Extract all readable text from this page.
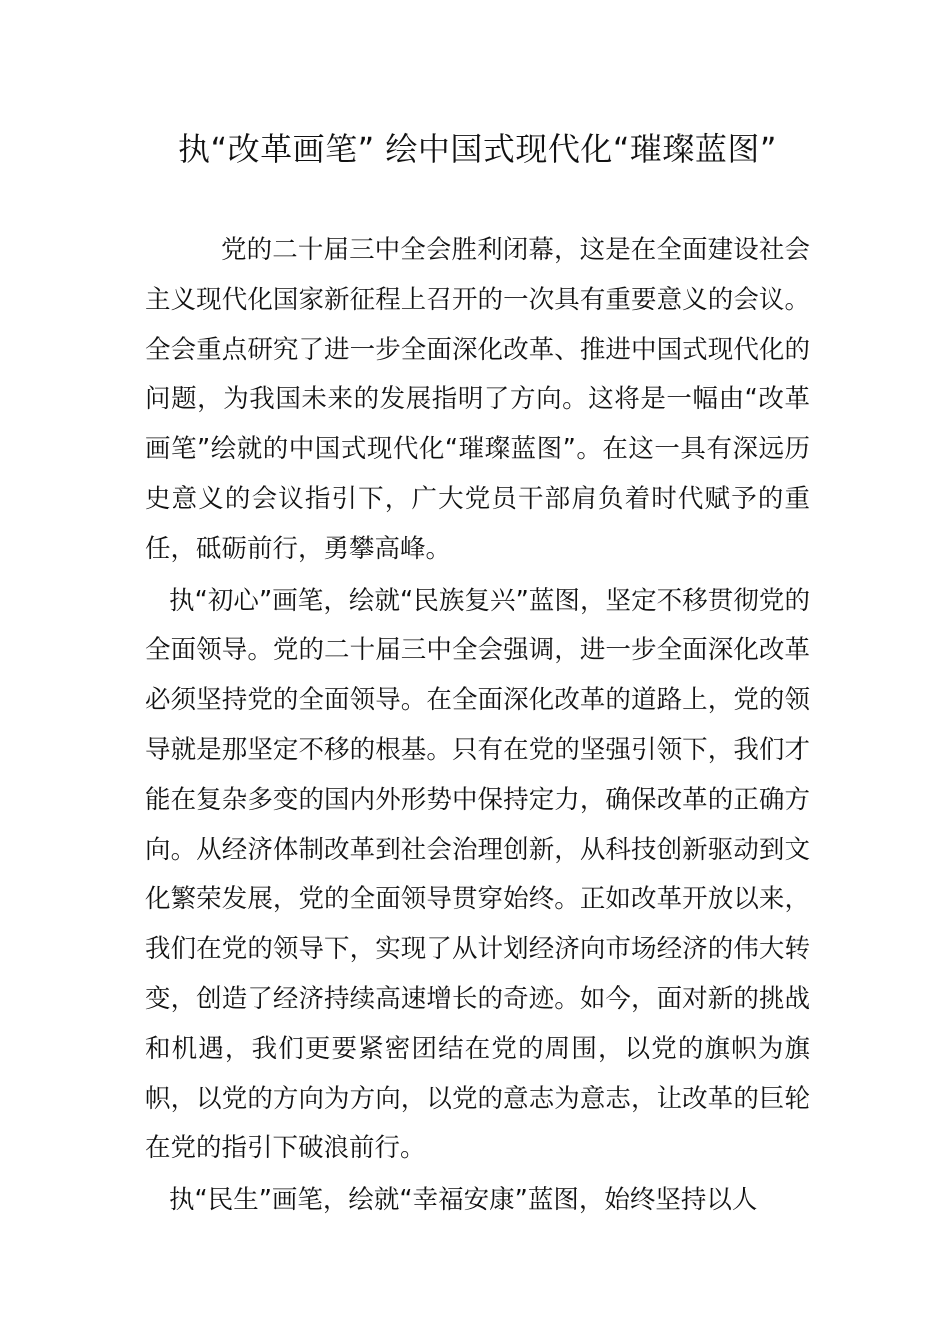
执“改革画笔” 绘中国式现代化“璀璨蓝图”

党的二十届三中全会胜利闭幕，这是在全面建设社会主义现代化国家新征程上召开的一次具有重要意义的会议。全会重点研究了进一步全面深化改革、推进中国式现代化的问题，为我国未来的发展指明了方向。这将是一幅由“改革画笔”绘就的中国式现代化“璀璨蓝图”。在这一具有深远历史意义的会议指引下，广大党员干部肩负着时代赋予的重任，砥砺前行，勇攀高峰。

执“初心”画笔，绘就“民族复兴”蓝图，坚定不移贯彻党的全面领导。党的二十届三中全会强调，进一步全面深化改革必须坚持党的全面领导。在全面深化改革的道路上，党的领导就是那坚定不移的根基。只有在党的坚强引领下，我们才能在复杂多变的国内外形势中保持定力，确保改革的正确方向。从经济体制改革到社会治理创新，从科技创新驱动到文化繁荣发展，党的全面领导贯穿始终。正如改革开放以来，我们在党的领导下，实现了从计划经济向市场经济的伟大转变，创造了经济持续高速增长的奇迹。如今，面对新的挑战和机遇，我们更要紧密团结在党的周围，以党的旗帜为旗帜，以党的方向为方向，以党的意志为意志，让改革的巨轮在党的指引下破浪前行。

执“民生”画笔，绘就“幸福安康”蓝图，始终坚持以人
